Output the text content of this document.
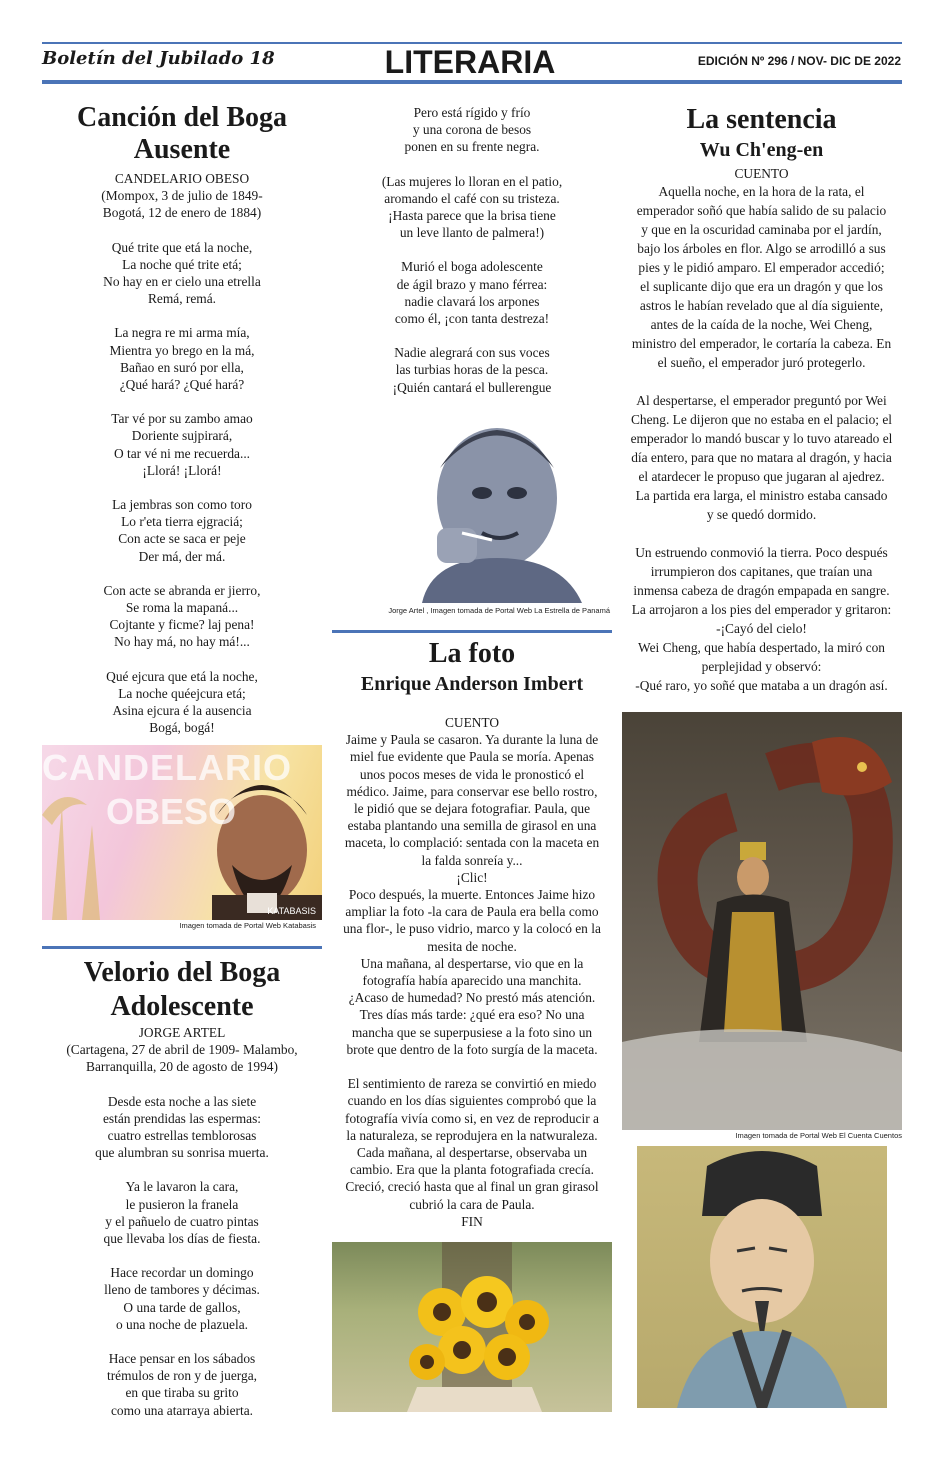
Boletín del Jubilado 18	LITERARIA	EDICIÓN Nº 296 / NOV- DIC DE 2022
Canción del Boga
Ausente
CANDELARIO OBESO
(Mompox, 3 de julio de 1849-
Bogotá, 12 de enero de 1884)
Qué trite que etá la noche,
La noche qué trite etá;
No hay en er cielo una etrella
Remá, remá.
La negra re mi arma mía,
Mientra yo brego en la má,
Bañao en suró por ella,
¿Qué hará? ¿Qué hará?
Tar vé por su zambo amao
Doriente sujpirará,
O tar vé ni me recuerda...
¡Llorá! ¡Llorá!
La jembras son como toro
Lo r'eta tierra ejgraciá;
Con acte se saca er peje
Der má, der má.
Con acte se abranda er jierro,
Se roma la mapaná...
Cojtante y ficme? laj pena!
No hay má, no hay má!...
Qué ejcura que etá la noche,
La noche quéejcura etá;
Asina ejcura é la ausencia
Bogá, bogá!
CANDELARIO
OBESO
KATABASIS
Imagen tomada de Portal Web Katabasis
Velorio del Boga
Adolescente
JORGE ARTEL
(Cartagena, 27 de abril de 1909- Malambo,
Barranquilla, 20 de agosto de 1994)
Desde esta noche a las siete
están prendidas las espermas:
cuatro estrellas temblorosas
que alumbran su sonrisa muerta.
Ya le lavaron la cara,
le pusieron la franela
y el pañuelo de cuatro pintas
que llevaba los días de fiesta.
Hace recordar un domingo
lleno de tambores y décimas.
O una tarde de gallos,
o una noche de plazuela.
Hace pensar en los sábados
trémulos de ron y de juerga,
en que tiraba su grito
como una atarraya abierta.
Pero está rígido y frío
y una corona de besos
ponen en su frente negra.
(Las mujeres lo lloran en el patio,
aromando el café con su tristeza.
¡Hasta parece que la brisa tiene
un leve llanto de palmera!)
Murió el boga adolescente
de ágil brazo y mano férrea:
nadie clavará los arpones
como él, ¡con tanta destreza!
Nadie alegrará con sus voces
las turbias horas de la pesca.
¡Quién cantará el bullerengue
Jorge Artel , Imagen tomada de Portal Web La Estrella de Panamá
La foto
Enrique Anderson Imbert
CUENTO
Jaime y Paula se casaron. Ya durante la luna de
miel fue evidente que Paula se moría. Apenas
unos pocos meses de vida le pronosticó el
médico. Jaime, para conservar ese bello rostro,
le pidió que se dejara fotografiar. Paula, que
estaba plantando una semilla de girasol en una
maceta, lo complació: sentada con la maceta en
la falda sonreía y...
¡Clic!
Poco después, la muerte. Entonces Jaime hizo
ampliar la foto -la cara de Paula era bella como
una flor-, le puso vidrio, marco y la colocó en la
mesita de noche.
Una mañana, al despertarse, vio que en la
fotografía había aparecido una manchita.
¿Acaso de humedad? No prestó más atención.
Tres días más tarde: ¿qué era eso? No una
mancha que se superpusiese a la foto sino un
brote que dentro de la foto surgía de la maceta.

El sentimiento de rareza se convirtió en miedo
cuando en los días siguientes comprobó que la
fotografía vivía como si, en vez de reproducir a
la naturaleza, se reprodujera en la natwuraleza.
Cada mañana, al despertarse, observaba un
cambio. Era que la planta fotografiada crecía.
Creció, creció hasta que al final un gran girasol
cubrió la cara de Paula.
FIN
La sentencia
Wu Ch'eng-en
CUENTO
Aquella noche, en la hora de la rata, el
emperador soñó que había salido de su palacio
y que en la oscuridad caminaba por el jardín,
bajo los árboles en flor. Algo se arrodilló a sus
pies y le pidió amparo. El emperador accedió;
el suplicante dijo que era un dragón y que los
astros le habían revelado que al día siguiente,
antes de la caída de la noche, Wei Cheng,
ministro del emperador, le cortaría la cabeza. En
el sueño, el emperador juró protegerlo.

Al despertarse, el emperador preguntó por Wei
Cheng. Le dijeron que no estaba en el palacio; el
emperador lo mandó buscar y lo tuvo atareado el
día entero, para que no matara al dragón, y hacia
el atardecer le propuso que jugaran al ajedrez.
La partida era larga, el ministro estaba cansado
y se quedó dormido.

Un estruendo conmovió la tierra. Poco después
irrumpieron dos capitanes, que traían una
inmensa cabeza de dragón empapada en sangre.
La arrojaron a los pies del emperador y gritaron:
-¡Cayó del cielo!
Wei Cheng, que había despertado, la miró con
perplejidad y observó:
-Qué raro, yo soñé que mataba a un dragón así.
Imagen tomada de Portal Web El Cuenta Cuentos
